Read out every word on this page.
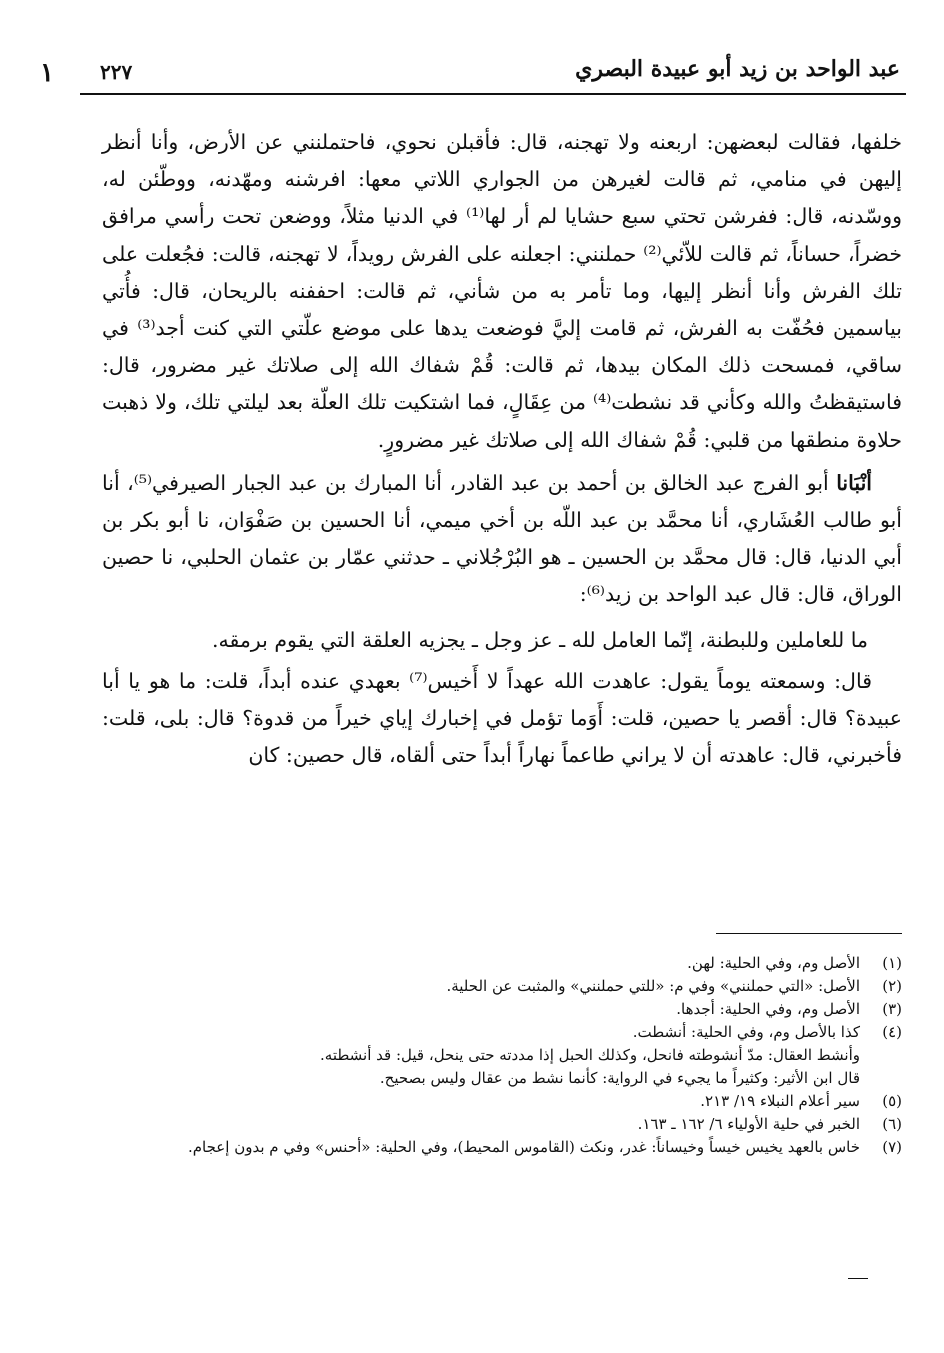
عبد الواحد بن زيد أبو عبيدة البصري
٢٢٧
١

خلفها، فقالت لبعضهن: اربعنه ولا تهجنه، قال: فأقبلن نحوي، فاحتملنني عن الأرض، وأنا أنظر إليهن في منامي، ثم قالت لغيرهن من الجواري اللاتي معها: افرشنه ومهّدنه، ووطّئن له، ووسّدنه، قال: ففرشن تحتي سبع حشايا لم أر لها⁽¹⁾ في الدنيا مثلاً، ووضعن تحت رأسي مرافق خضراً، حساناً، ثم قالت للاّئي⁽²⁾ حملنني: اجعلنه على الفرش رويداً، لا تهجنه، قالت: فجُعلت على تلك الفرش وأنا أنظر إليها، وما تأمر به من شأني، ثم قالت: احففنه بالريحان، قال: فأُتي بياسمين فحُفّت به الفرش، ثم قامت إليَّ فوضعت يدها على موضع علّتي التي كنت أجد⁽³⁾ في ساقي، فمسحت ذلك المكان بيدها، ثم قالت: قُمْ شفاك الله إلى صلاتك غير مضرور، قال: فاستيقظتُ والله وكأني قد نشطت⁽⁴⁾ من عِقَالٍ، فما اشتكيت تلك العلّة بعد ليلتي تلك، ولا ذهبت حلاوة منطقها من قلبي: قُمْ شفاك الله إلى صلاتك غير مضرورٍ.

أنْبَانا أبو الفرج عبد الخالق بن أحمد بن عبد القادر، أنا المبارك بن عبد الجبار الصيرفي⁽⁵⁾، أنا أبو طالب العُشَاري، أنا محمَّد بن عبد اللّه بن أخي ميمي، أنا الحسين بن صَفْوَان، نا أبو بكر بن أبي الدنيا، قال: قال محمَّد بن الحسين ـ هو البُرْجُلاني ـ حدثني عمّار بن عثمان الحلبي، نا حصين الوراق، قال: قال عبد الواحد بن زيد⁽⁶⁾:

ما للعاملين وللبطنة، إنّما العامل لله ـ عز وجل ـ يجزيه العلقة التي يقوم برمقه.

قال: وسمعته يوماً يقول: عاهدت الله عهداً لا أَخيس⁽⁷⁾ بعهدي عنده أبداً، قلت: ما هو يا أبا عبيدة؟ قال: أقصر يا حصين، قلت: أَوَما تؤمل في إخبارك إياي خيراً من قدوة؟ قال: بلى، قلت: فأخبرني، قال: عاهدته أن لا يراني طاعماً نهاراً أبداً حتى ألقاه، قال حصين: كان

(١)
الأصل وم، وفي الحلية: لهن.
(٢)
الأصل: «التي حملنني» وفي م: «للتي حملنني» والمثبت عن الحلية.
(٣)
الأصل وم، وفي الحلية: أجدها.
(٤)
كذا بالأصل وم، وفي الحلية: أنشطت.
وأنشط العقال: مدّ أنشوطته فانحل، وكذلك الحبل إذا مددته حتى ينحل، قيل: قد أنشطته.
قال ابن الأثير: وكثيراً ما يجيء في الرواية: كأنما نشط من عقال وليس بصحيح.
(٥)
سير أعلام النبلاء ١٩/ ٢١٣.
(٦)
الخبر في حلية الأولياء ٦/ ١٦٢ ـ ١٦٣.
(٧)
خاس بالعهد يخيس خيساً وخيساناً: غدر، ونكث (القاموس المحيط)، وفي الحلية: «أحنس» وفي م بدون إعجام.
